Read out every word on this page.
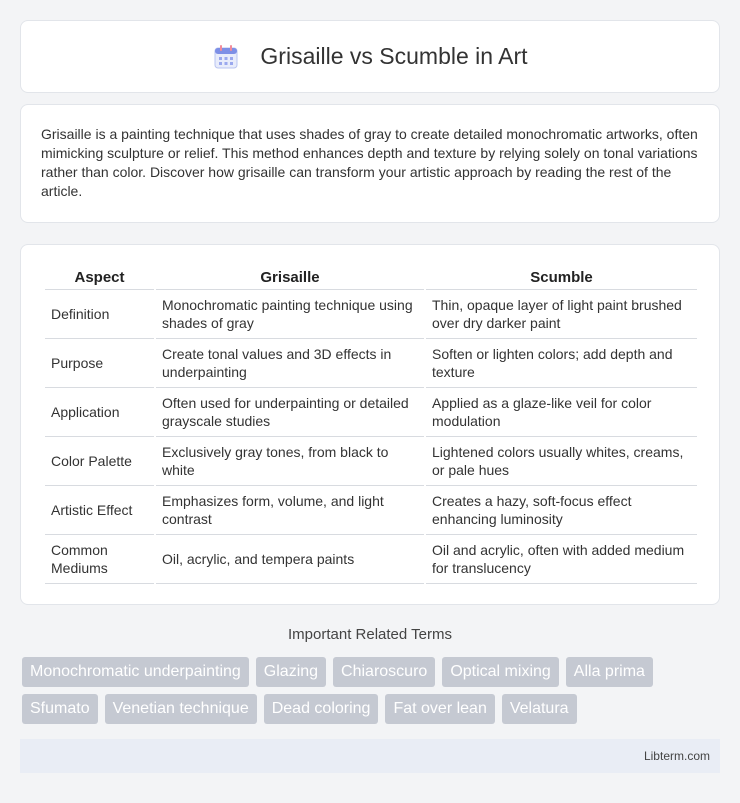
Grisaille vs Scumble in Art

Grisaille is a painting technique that uses shades of gray to create detailed monochromatic artworks, often mimicking sculpture or relief. This method enhances depth and texture by relying solely on tonal variations rather than color. Discover how grisaille can transform your artistic approach by reading the rest of the article.

Aspect	Grisaille	Scumble
Definition	Monochromatic painting technique using shades of gray	Thin, opaque layer of light paint brushed over dry darker paint
Purpose	Create tonal values and 3D effects in underpainting	Soften or lighten colors; add depth and texture
Application	Often used for underpainting or detailed grayscale studies	Applied as a glaze-like veil for color modulation
Color Palette	Exclusively gray tones, from black to white	Lightened colors usually whites, creams, or pale hues
Artistic Effect	Emphasizes form, volume, and light contrast	Creates a hazy, soft-focus effect enhancing luminosity
Common Mediums	Oil, acrylic, and tempera paints	Oil and acrylic, often with added medium for translucency
Important Related Terms
Monochromatic underpainting	Glazing	Chiaroscuro	Optical mixing	Alla prima
Sfumato	Venetian technique	Dead coloring	Fat over lean	Velatura
Libterm.com
